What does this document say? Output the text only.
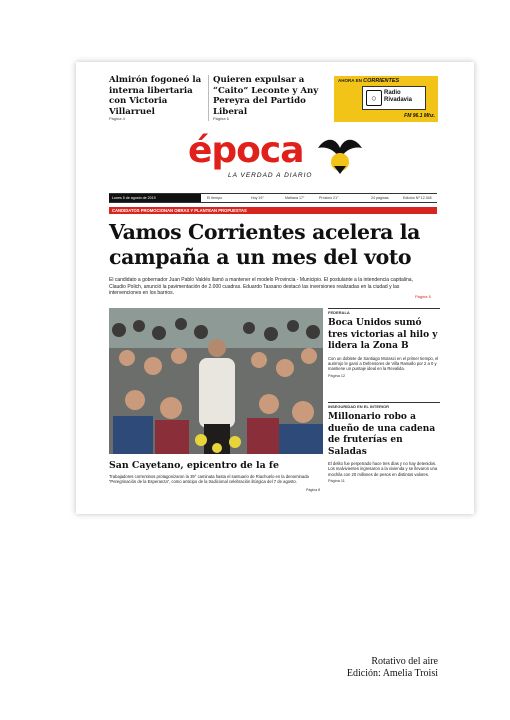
Almirón fogoneó la interna libertaria con Victoria Villarruel
Página 4
Quieren expulsar a “Caito” Leconte y Any Pereyra del Partido Liberal
Página 6
AHORA EN CORRIENTES
○	Radio Rivadavia
FM 96.1 Mhz.
época
LA VERDAD A DIARIO
Lunes 5 de agosto de 2019	El tiempo	Hoy 19°	Mañana 17°	Próximo 21°	24 páginas	Edición Nº 12.345
CANDIDATOS PROMOCIONAN OBRAS Y PLANTEAN PROPUESTAS
Vamos Corrientes acelera la campaña a un mes del voto

El candidato a gobernador Juan Pablo Valdés llamó a mantener el modelo Provincia - Municipio. El postulante a la intendencia capitalina, Claudio Polich, anunció la pavimentación de 2.000 cuadras. Eduardo Tassano destacó las inversiones realizadas en la ciudad y las intervenciones en los barrios.

Página 5
San Cayetano, epicentro de la fe

Trabajadores correntinos protagonizaron la 39° caminata hasta el santuario de Riachuelo en la denominada “Peregrinación de la Esperanza”, como anticipo de la tradicional celebración litúrgica del 7 de agosto.

Página 8
FEDERALA
Boca Unidos sumó tres victorias al hilo y lidera la Zona B

Con un doblete de Santiago Morasci en el primer tiempo, el aurirrojo le ganó a Defensores de Villa Ramallo por 2 a 0 y mantiene un puntaje ideal en la Revalida.

Página 12
INSEGURIDAD EN EL INTERIOR
Millonario robo a dueño de una cadena de fruterías en Saladas

El delito fue perpetrado hace tres días y no hay detenidos. Los malvivientes ingresaron a la vivienda y se llevaron una mochila con 20 millones de pesos en distintos valores.

Página 11
Rotativo del aire
Edición: Amelia Troisi
